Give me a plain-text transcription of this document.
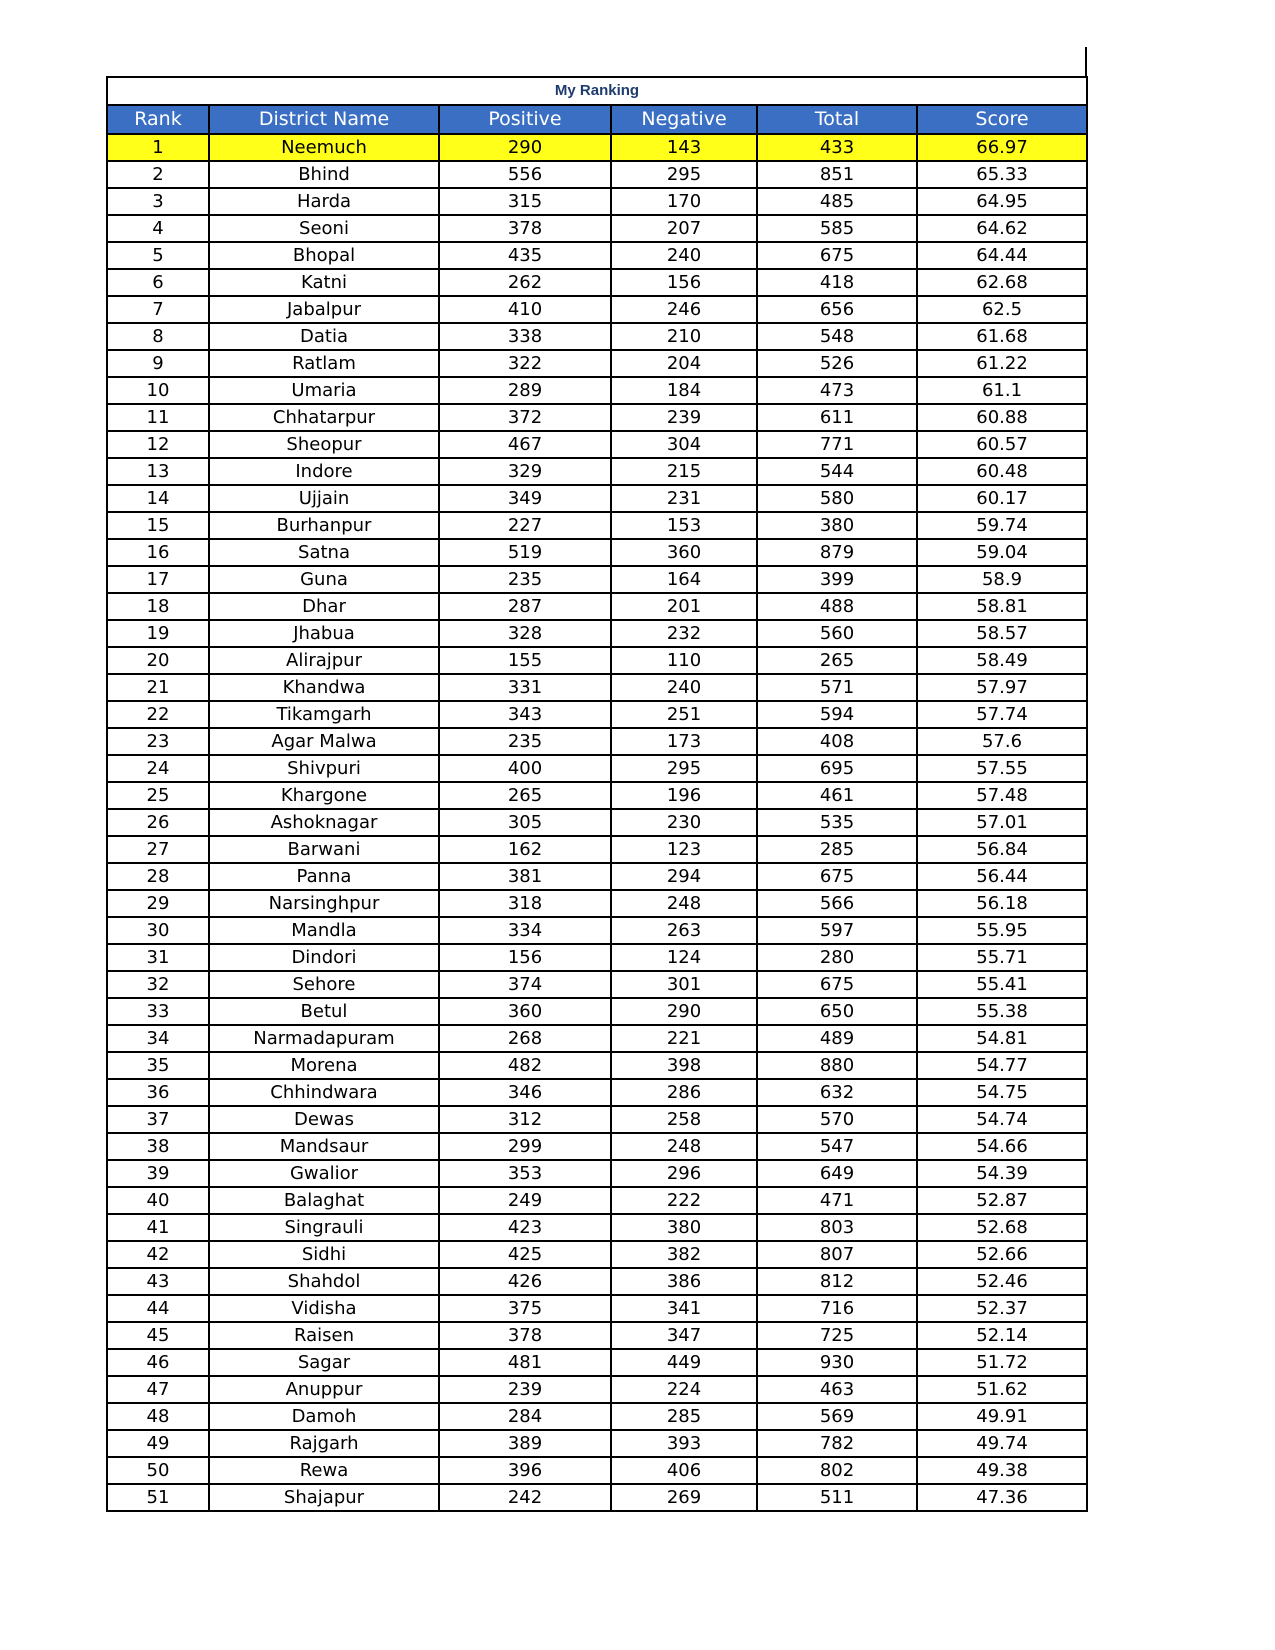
My Ranking					
Rank	District Name	Positive	Negative	Total	Score
1	Neemuch	290	143	433	66.97
2	Bhind	556	295	851	65.33
3	Harda	315	170	485	64.95
4	Seoni	378	207	585	64.62
5	Bhopal	435	240	675	64.44
6	Katni	262	156	418	62.68
7	Jabalpur	410	246	656	62.5
8	Datia	338	210	548	61.68
9	Ratlam	322	204	526	61.22
10	Umaria	289	184	473	61.1
11	Chhatarpur	372	239	611	60.88
12	Sheopur	467	304	771	60.57
13	Indore	329	215	544	60.48
14	Ujjain	349	231	580	60.17
15	Burhanpur	227	153	380	59.74
16	Satna	519	360	879	59.04
17	Guna	235	164	399	58.9
18	Dhar	287	201	488	58.81
19	Jhabua	328	232	560	58.57
20	Alirajpur	155	110	265	58.49
21	Khandwa	331	240	571	57.97
22	Tikamgarh	343	251	594	57.74
23	Agar Malwa	235	173	408	57.6
24	Shivpuri	400	295	695	57.55
25	Khargone	265	196	461	57.48
26	Ashoknagar	305	230	535	57.01
27	Barwani	162	123	285	56.84
28	Panna	381	294	675	56.44
29	Narsinghpur	318	248	566	56.18
30	Mandla	334	263	597	55.95
31	Dindori	156	124	280	55.71
32	Sehore	374	301	675	55.41
33	Betul	360	290	650	55.38
34	Narmadapuram	268	221	489	54.81
35	Morena	482	398	880	54.77
36	Chhindwara	346	286	632	54.75
37	Dewas	312	258	570	54.74
38	Mandsaur	299	248	547	54.66
39	Gwalior	353	296	649	54.39
40	Balaghat	249	222	471	52.87
41	Singrauli	423	380	803	52.68
42	Sidhi	425	382	807	52.66
43	Shahdol	426	386	812	52.46
44	Vidisha	375	341	716	52.37
45	Raisen	378	347	725	52.14
46	Sagar	481	449	930	51.72
47	Anuppur	239	224	463	51.62
48	Damoh	284	285	569	49.91
49	Rajgarh	389	393	782	49.74
50	Rewa	396	406	802	49.38
51	Shajapur	242	269	511	47.36
